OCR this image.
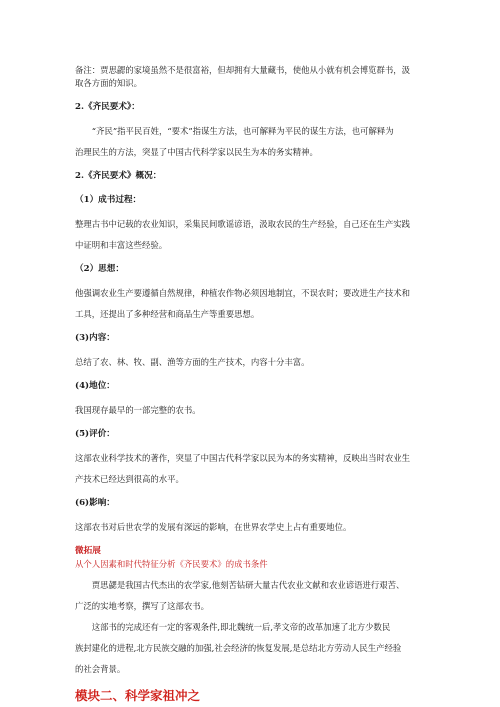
备注：贾思勰的家境虽然不是很富裕，但却拥有大量藏书，使他从小就有机会博览群书，汲

取各方面的知识。

2.《齐民要术》：

“齐民”指平民百姓，“要术”指谋生方法，也可解释为平民的谋生方法，也可解释为

治理民生的方法，突显了中国古代科学家以民生为本的务实精神。

2.《齐民要术》概况：

（1）成书过程：

整理古书中记载的农业知识，采集民间歌谣谚语，汲取农民的生产经验，自己还在生产实践

中证明和丰富这些经验。

（2）思想：

他强调农业生产要遵循自然规律，种植农作物必须因地制宜，不误农时；要改进生产技术和

工具，还提出了多种经营和商品生产等重要思想。

(3)内容：

总结了农、林、牧、副、渔等方面的生产技术，内容十分丰富。

(4)地位：

我国现存最早的一部完整的农书。

(5)评价：

这部农业科学技术的著作，突显了中国古代科学家以民为本的务实精神，反映出当时农业生

产技术已经达到很高的水平。

(6)影响：

这部农书对后世农学的发展有深远的影响，在世界农学史上占有重要地位。

微拓展

从个人因素和时代特征分析《齐民要术》的成书条件

贾思勰是我国古代杰出的农学家,他刻苦钻研大量古代农业文献和农业谚语进行艰苦、

广泛的实地考察，撰写了这部农书。

这部书的完成还有一定的客观条件,即北魏统一后,孝文帝的改革加速了北方少数民

族封建化的进程,北方民族交融的加强,社会经济的恢复发展,是总结北方劳动人民生产经验

的社会背景。

模块二、科学家祖冲之
